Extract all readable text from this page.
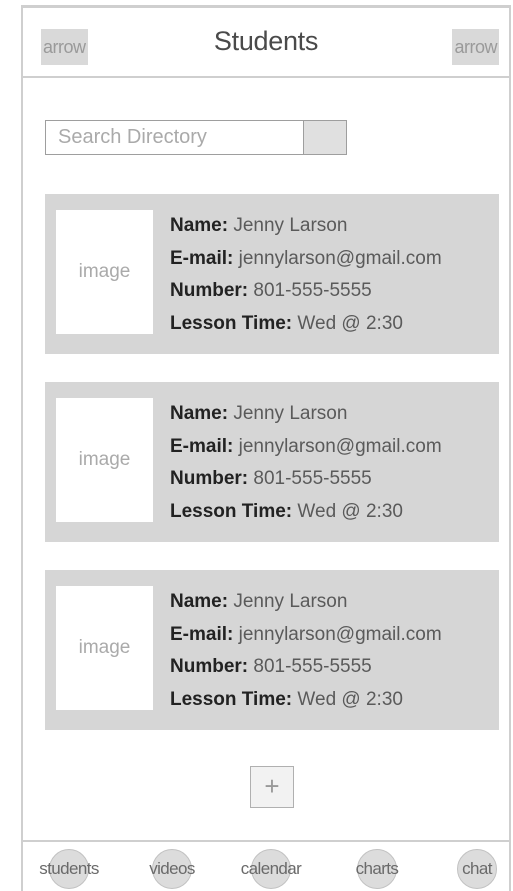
arrow	Students	arrow
Search Directory
image
Name: Jenny Larson
E-mail: jennylarson@gmail.com
Number: 801-555-5555
Lesson Time: Wed @ 2:30
image
Name: Jenny Larson
E-mail: jennylarson@gmail.com
Number: 801-555-5555
Lesson Time: Wed @ 2:30
image
Name: Jenny Larson
E-mail: jennylarson@gmail.com
Number: 801-555-5555
Lesson Time: Wed @ 2:30
+
students	videos	calendar	charts	chat
